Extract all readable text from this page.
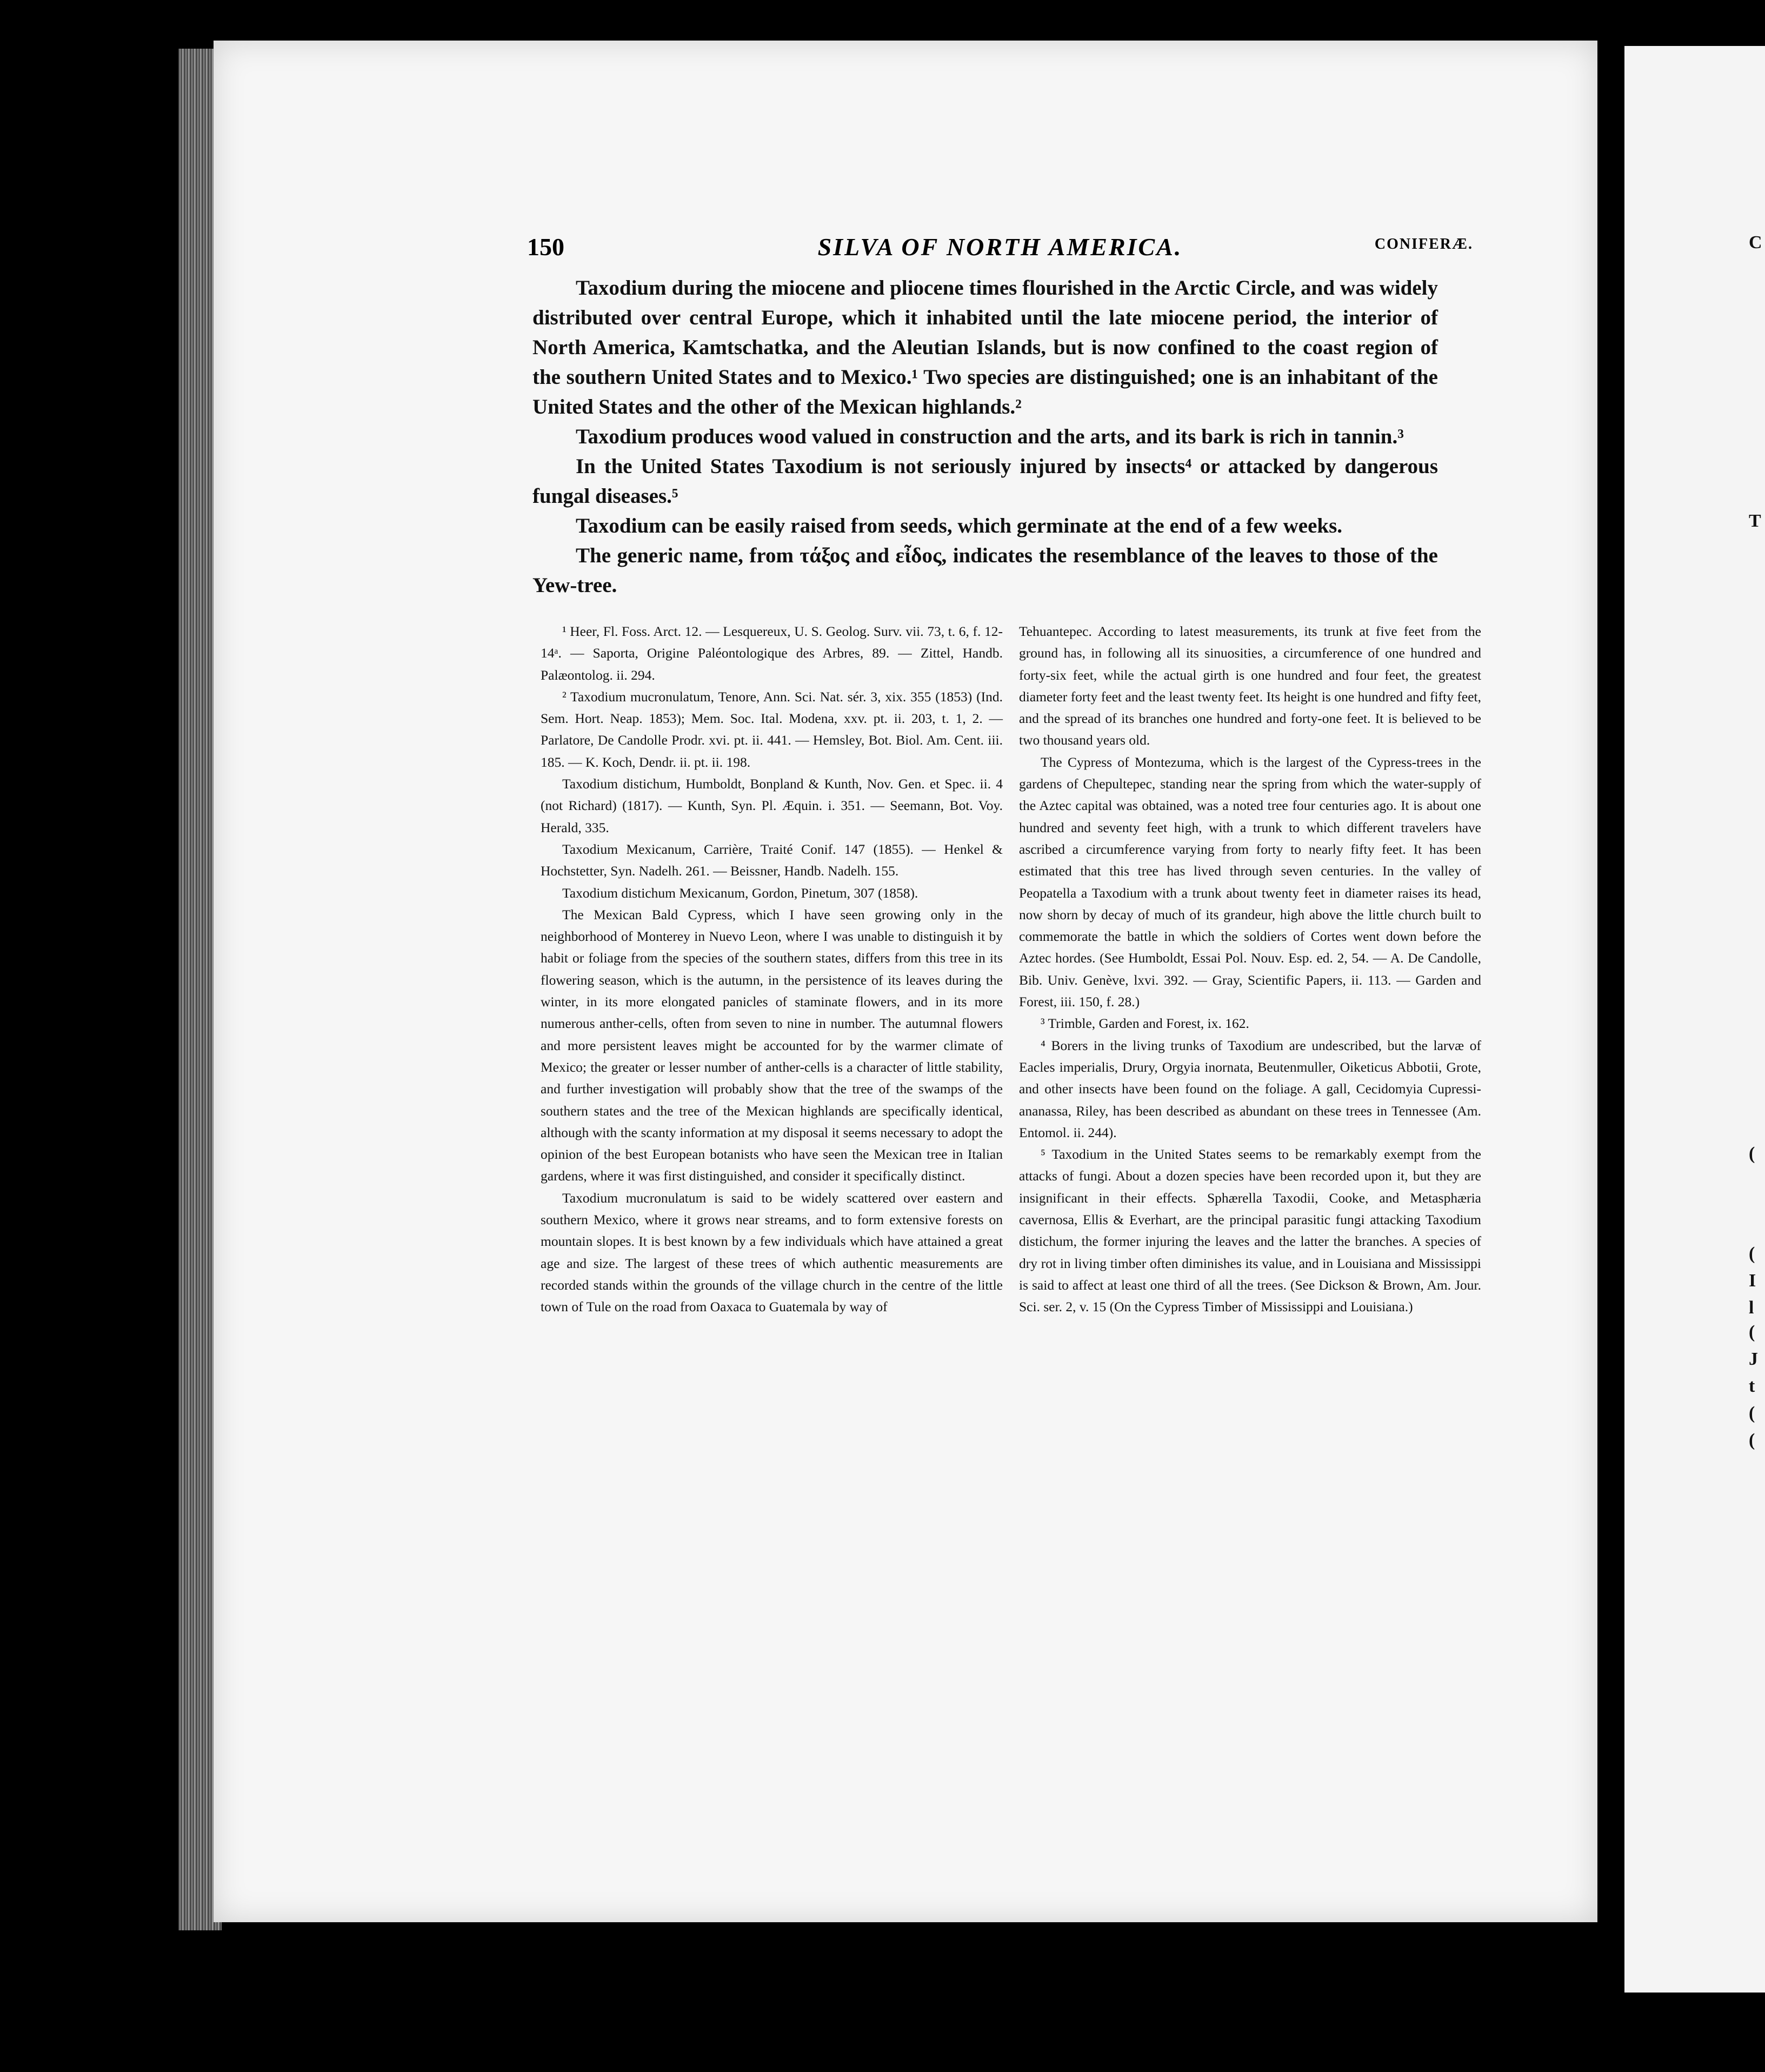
C
T
(
(
I
l
(
J
t
(
(
150	SILVA OF NORTH AMERICA.	CONIFERÆ.

Taxodium during the miocene and pliocene times flourished in the Arctic Circle, and was widely distributed over central Europe, which it inhabited until the late miocene period, the interior of North America, Kamtschatka, and the Aleutian Islands, but is now confined to the coast region of the southern United States and to Mexico.¹ Two species are distinguished; one is an inhabitant of the United States and the other of the Mexican highlands.²

Taxodium produces wood valued in construction and the arts, and its bark is rich in tannin.³

In the United States Taxodium is not seriously injured by insects⁴ or attacked by dangerous fungal diseases.⁵

Taxodium can be easily raised from seeds, which germinate at the end of a few weeks.

The generic name, from τάξος and εἶδος, indicates the resemblance of the leaves to those of the Yew-tree.

¹ Heer, Fl. Foss. Arct. 12. — Lesquereux, U. S. Geolog. Surv. vii. 73, t. 6, f. 12-14ᵃ. — Saporta, Origine Paléontologique des Arbres, 89. — Zittel, Handb. Palæontolog. ii. 294.

² Taxodium mucronulatum, Tenore, Ann. Sci. Nat. sér. 3, xix. 355 (1853) (Ind. Sem. Hort. Neap. 1853); Mem. Soc. Ital. Modena, xxv. pt. ii. 203, t. 1, 2. — Parlatore, De Candolle Prodr. xvi. pt. ii. 441. — Hemsley, Bot. Biol. Am. Cent. iii. 185. — K. Koch, Dendr. ii. pt. ii. 198.

Taxodium distichum, Humboldt, Bonpland & Kunth, Nov. Gen. et Spec. ii. 4 (not Richard) (1817). — Kunth, Syn. Pl. Æquin. i. 351. — Seemann, Bot. Voy. Herald, 335.

Taxodium Mexicanum, Carrière, Traité Conif. 147 (1855). — Henkel & Hochstetter, Syn. Nadelh. 261. — Beissner, Handb. Nadelh. 155.

Taxodium distichum Mexicanum, Gordon, Pinetum, 307 (1858).

The Mexican Bald Cypress, which I have seen growing only in the neighborhood of Monterey in Nuevo Leon, where I was unable to distinguish it by habit or foliage from the species of the southern states, differs from this tree in its flowering season, which is the autumn, in the persistence of its leaves during the winter, in its more elongated panicles of staminate flowers, and in its more numerous anther-cells, often from seven to nine in number. The autumnal flowers and more persistent leaves might be accounted for by the warmer climate of Mexico; the greater or lesser number of anther-cells is a character of little stability, and further investigation will probably show that the tree of the swamps of the southern states and the tree of the Mexican highlands are specifically identical, although with the scanty information at my disposal it seems necessary to adopt the opinion of the best European botanists who have seen the Mexican tree in Italian gardens, where it was first distinguished, and consider it specifically distinct.

Taxodium mucronulatum is said to be widely scattered over eastern and southern Mexico, where it grows near streams, and to form extensive forests on mountain slopes. It is best known by a few individuals which have attained a great age and size. The largest of these trees of which authentic measurements are recorded stands within the grounds of the village church in the centre of the little town of Tule on the road from Oaxaca to Guatemala by way of

Tehuantepec. According to latest measurements, its trunk at five feet from the ground has, in following all its sinuosities, a circumference of one hundred and forty-six feet, while the actual girth is one hundred and four feet, the greatest diameter forty feet and the least twenty feet. Its height is one hundred and fifty feet, and the spread of its branches one hundred and forty-one feet. It is believed to be two thousand years old.

The Cypress of Montezuma, which is the largest of the Cypress-trees in the gardens of Chepultepec, standing near the spring from which the water-supply of the Aztec capital was obtained, was a noted tree four centuries ago. It is about one hundred and seventy feet high, with a trunk to which different travelers have ascribed a circumference varying from forty to nearly fifty feet. It has been estimated that this tree has lived through seven centuries. In the valley of Peopatella a Taxodium with a trunk about twenty feet in diameter raises its head, now shorn by decay of much of its grandeur, high above the little church built to commemorate the battle in which the soldiers of Cortes went down before the Aztec hordes. (See Humboldt, Essai Pol. Nouv. Esp. ed. 2, 54. — A. De Candolle, Bib. Univ. Genève, lxvi. 392. — Gray, Scientific Papers, ii. 113. — Garden and Forest, iii. 150, f. 28.)

³ Trimble, Garden and Forest, ix. 162.

⁴ Borers in the living trunks of Taxodium are undescribed, but the larvæ of Eacles imperialis, Drury, Orgyia inornata, Beutenmuller, Oiketicus Abbotii, Grote, and other insects have been found on the foliage. A gall, Cecidomyia Cupressi-ananassa, Riley, has been described as abundant on these trees in Tennessee (Am. Entomol. ii. 244).

⁵ Taxodium in the United States seems to be remarkably exempt from the attacks of fungi. About a dozen species have been recorded upon it, but they are insignificant in their effects. Sphærella Taxodii, Cooke, and Metasphæria cavernosa, Ellis & Everhart, are the principal parasitic fungi attacking Taxodium distichum, the former injuring the leaves and the latter the branches. A species of dry rot in living timber often diminishes its value, and in Louisiana and Mississippi is said to affect at least one third of all the trees. (See Dickson & Brown, Am. Jour. Sci. ser. 2, v. 15 (On the Cypress Timber of Mississippi and Louisiana.)
